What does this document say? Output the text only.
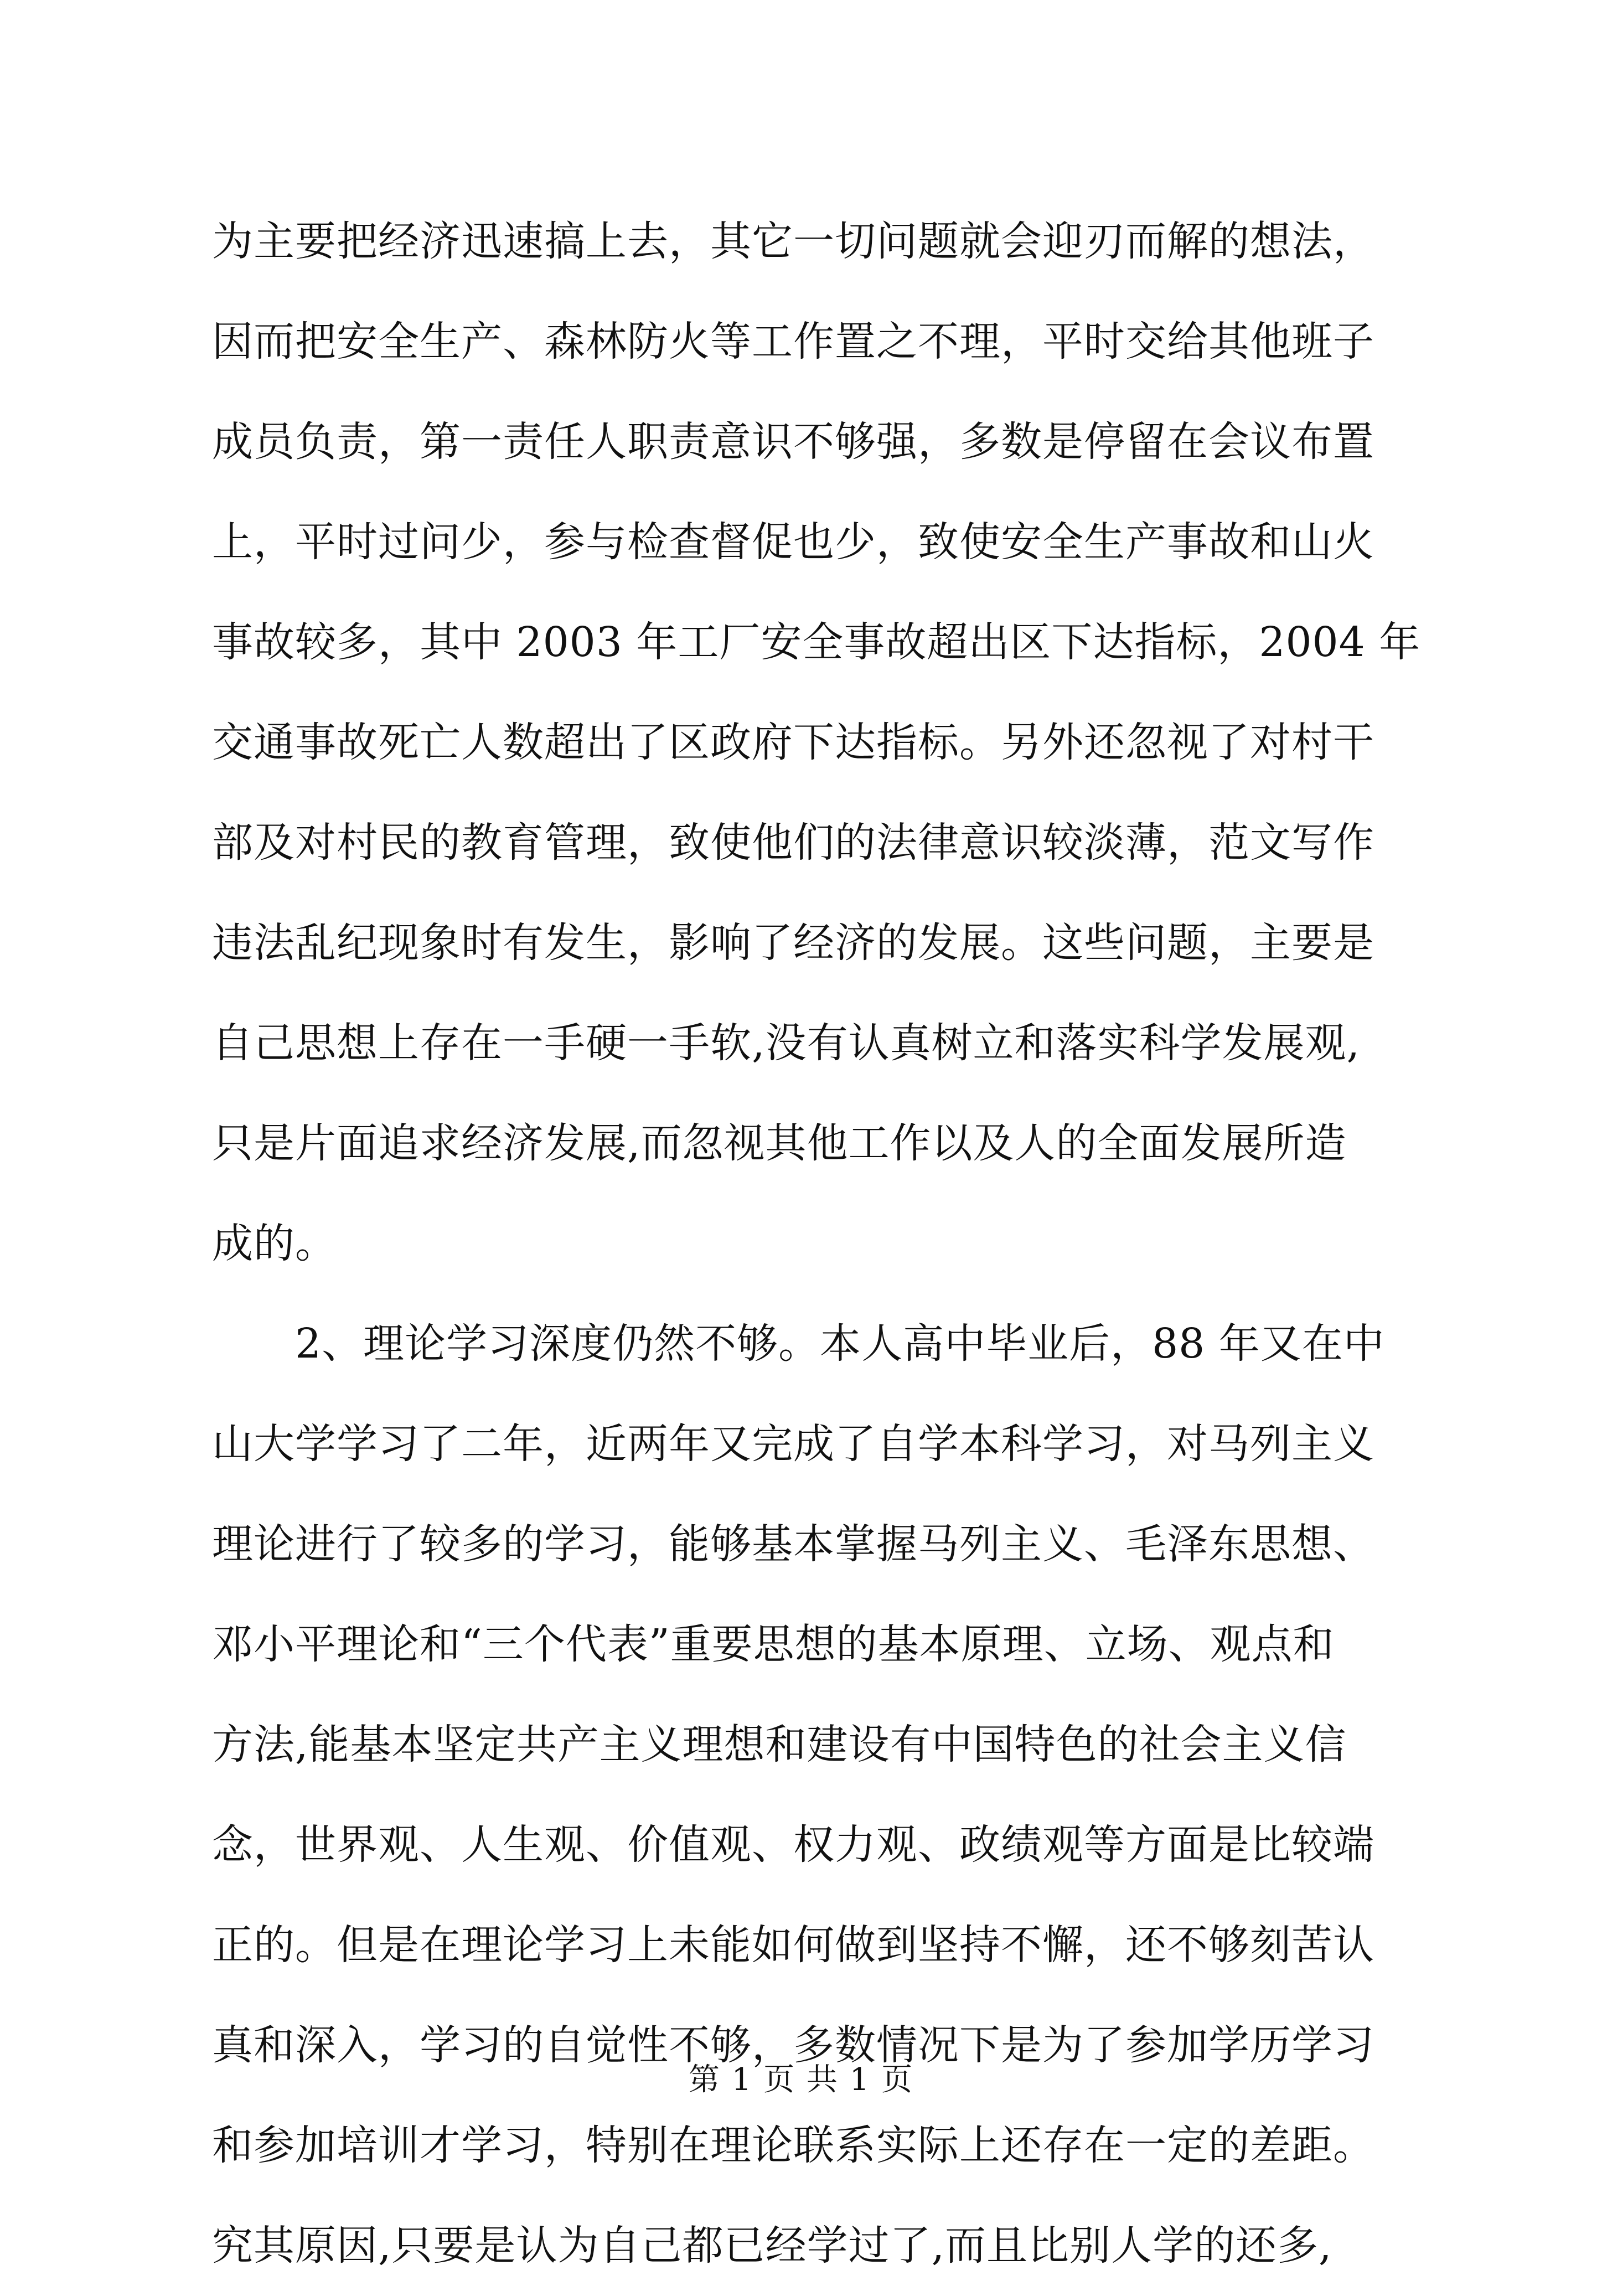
为主要把经济迅速搞上去，其它一切问题就会迎刃而解的想法，
因而把安全生产、森林防火等工作置之不理，平时交给其他班子
成员负责，第一责任人职责意识不够强，多数是停留在会议布置
上，平时过问少，参与检查督促也少，致使安全生产事故和山火
事故较多，其中 2003 年工厂安全事故超出区下达指标，2004 年
交通事故死亡人数超出了区政府下达指标。另外还忽视了对村干
部及对村民的教育管理，致使他们的法律意识较淡薄，范文写作
违法乱纪现象时有发生，影响了经济的发展。这些问题，主要是
自己思想上存在一手硬一手软,没有认真树立和落实科学发展观,
只是片面追求经济发展,而忽视其他工作以及人的全面发展所造
成的。
2、理论学习深度仍然不够。本人高中毕业后，88 年又在中
山大学学习了二年，近两年又完成了自学本科学习，对马列主义
理论进行了较多的学习，能够基本掌握马列主义、毛泽东思想、
邓小平理论和“三个代表”重要思想的基本原理、立场、观点和
方法,能基本坚定共产主义理想和建设有中国特色的社会主义信
念，世界观、人生观、价值观、权力观、政绩观等方面是比较端
正的。但是在理论学习上未能如何做到坚持不懈，还不够刻苦认
真和深入，学习的自觉性不够，多数情况下是为了参加学历学习
和参加培训才学习，特别在理论联系实际上还存在一定的差距。
究其原因,只要是认为自己都已经学过了,而且比别人学的还多,
第 1 页 共 1 页
